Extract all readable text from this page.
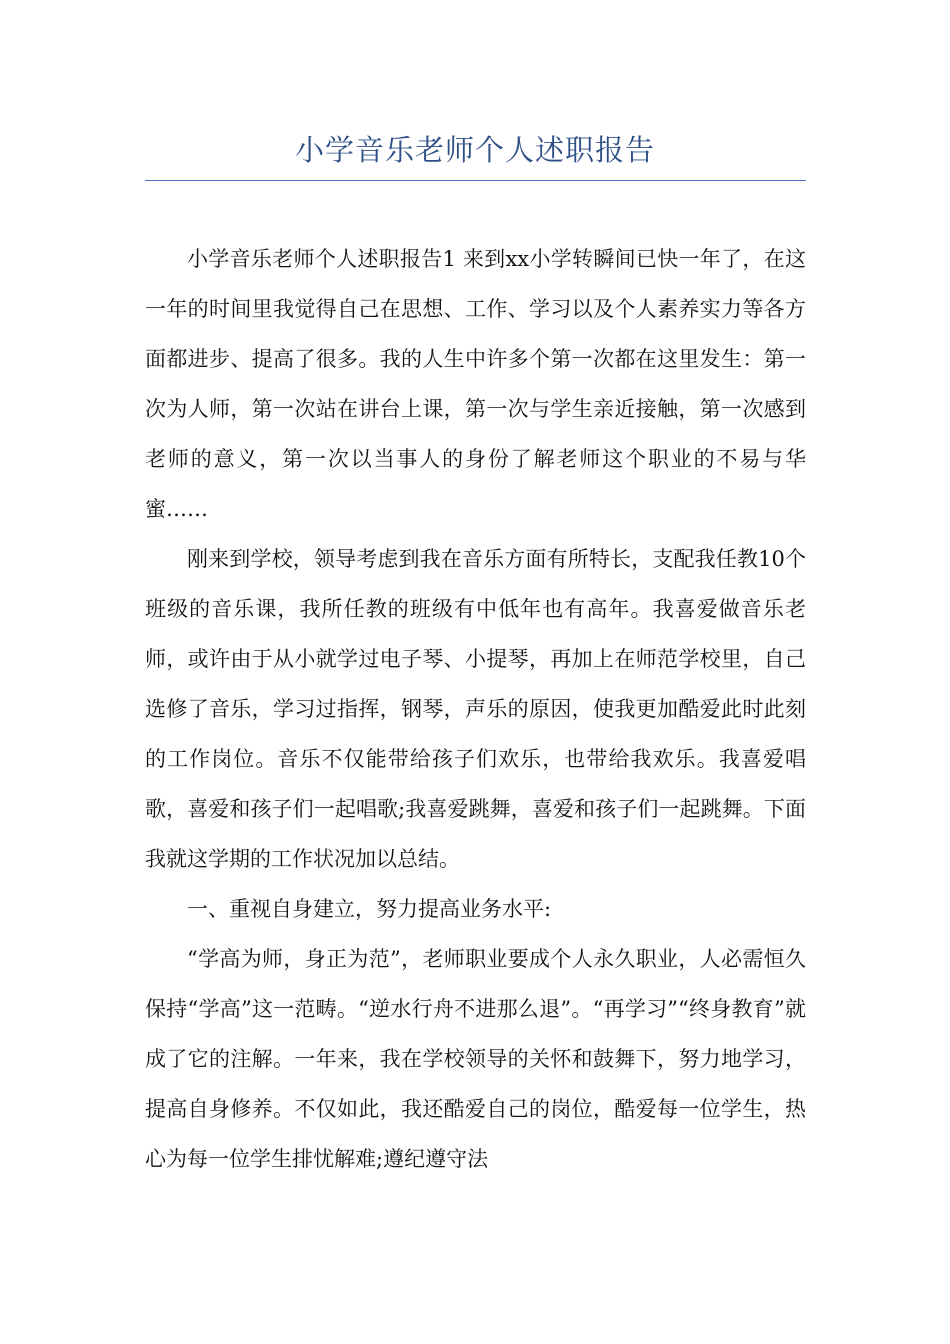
小学音乐老师个人述职报告

小学音乐老师个人述职报告1 来到xx小学转瞬间已快一年了，在这一年的时间里我觉得自己在思想、工作、学习以及个人素养实力等各方面都进步、提高了很多。我的人生中许多个第一次都在这里发生：第一次为人师，第一次站在讲台上课，第一次与学生亲近接触，第一次感到老师的意义，第一次以当事人的身份了解老师这个职业的不易与华蜜……

刚来到学校，领导考虑到我在音乐方面有所特长，支配我任教10个班级的音乐课，我所任教的班级有中低年也有高年。我喜爱做音乐老师，或许由于从小就学过电子琴、小提琴，再加上在师范学校里，自己选修了音乐，学习过指挥，钢琴，声乐的原因，使我更加酷爱此时此刻的工作岗位。音乐不仅能带给孩子们欢乐，也带给我欢乐。我喜爱唱歌，喜爱和孩子们一起唱歌;我喜爱跳舞，喜爱和孩子们一起跳舞。下面我就这学期的工作状况加以总结。

一、重视自身建立，努力提高业务水平:

“学高为师，身正为范”，老师职业要成个人永久职业，人必需恒久保持“学高”这一范畴。“逆水行舟不进那么退”。“再学习”“终身教育”就成了它的注解。一年来，我在学校领导的关怀和鼓舞下，努力地学习，提高自身修养。不仅如此，我还酷爱自己的岗位，酷爱每一位学生，热心为每一位学生排忧解难;遵纪遵守法
